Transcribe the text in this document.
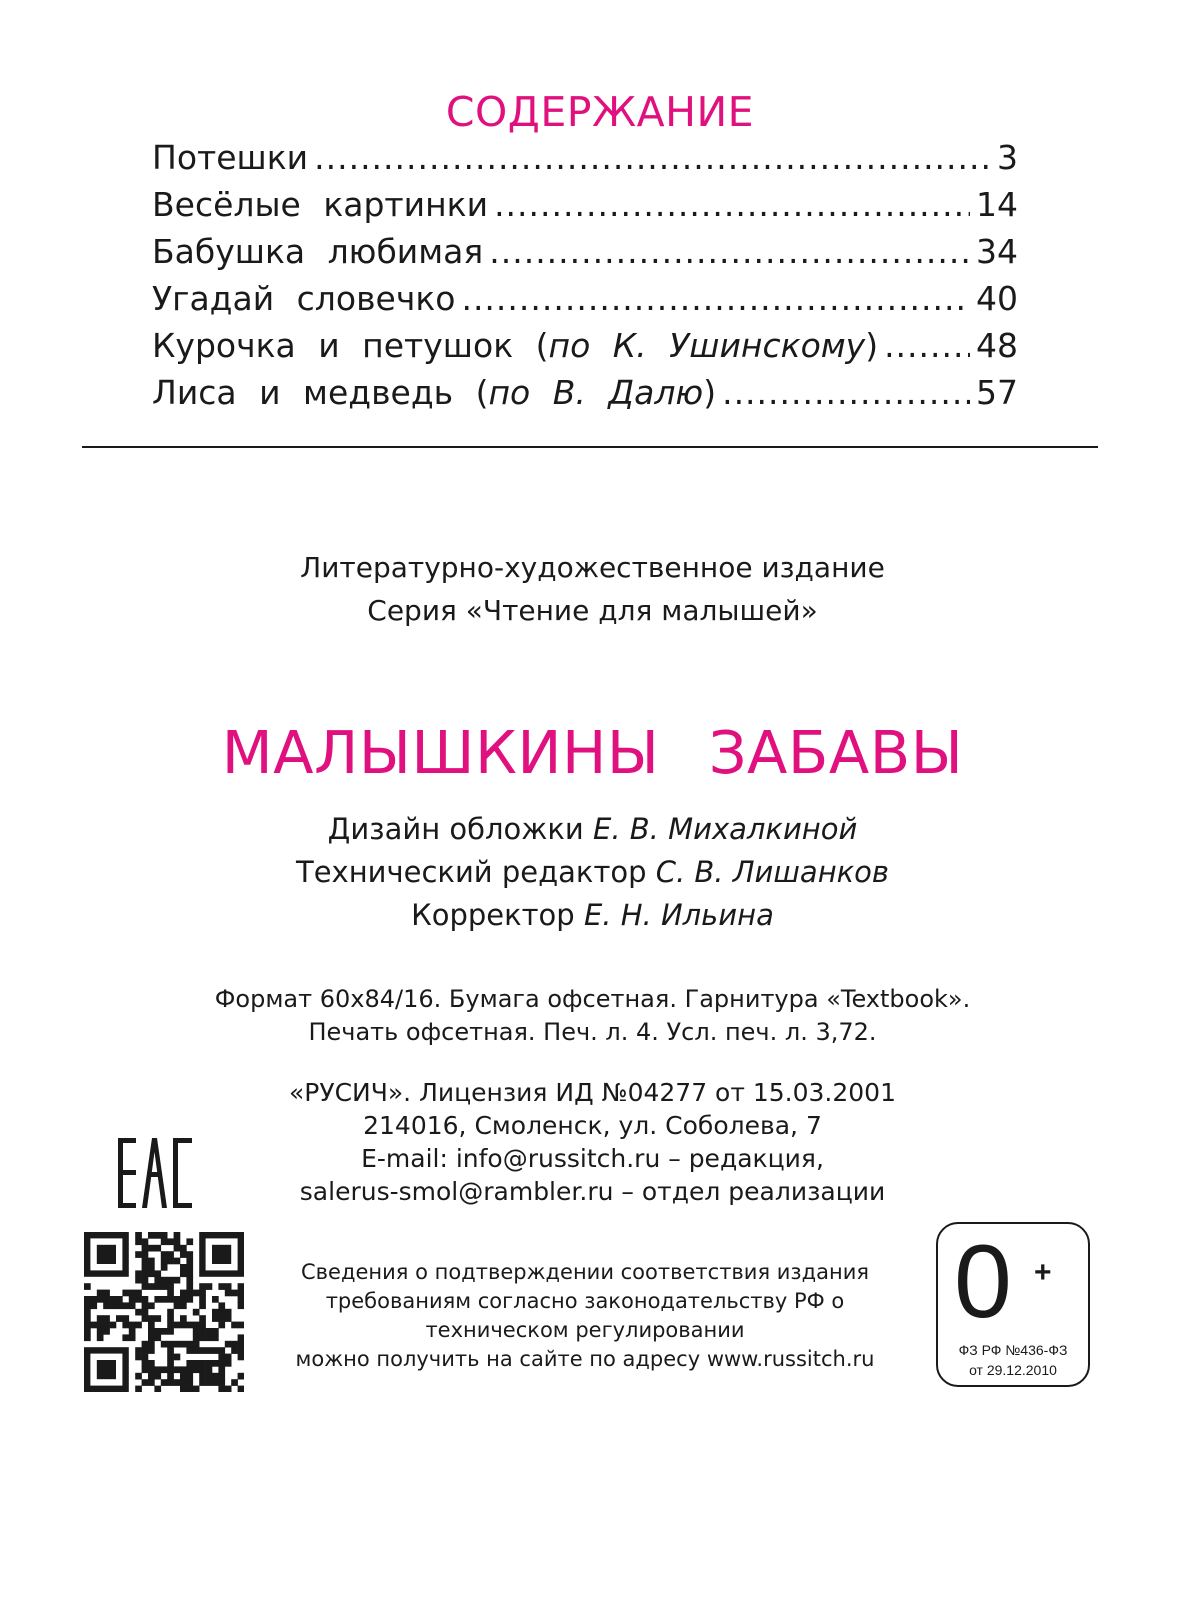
СОДЕРЖАНИЕ
Потешки .....	3
Весёлые картинки .....	14
Бабушка любимая .....	34
Угадай словечко .....	40
Курочка и петушок (по К. Ушинскому) .....	48
Лиса и медведь (по В. Далю) .....	57
Литературно-художественное издание
Серия «Чтение для малышей»
МАЛЫШКИНЫ ЗАБАВЫ
Дизайн обложки Е. В. Михалкиной
Технический редактор С. В. Лишанков
Корректор Е. Н. Ильина
Формат 60x84/16. Бумага офсетная. Гарнитура «Textbook».
Печать офсетная. Печ. л. 4. Усл. печ. л. 3,72.
«РУСИЧ». Лицензия ИД №04277 от 15.03.2001
214016, Смоленск, ул. Соболева, 7
E-mail: info@russitch.ru – редакция,
salerus-smol@rambler.ru – отдел реализации
Сведения о подтверждении соответствия издания
требованиям согласно законодательству РФ о
техническом регулировании
можно получить на сайте по адресу www.russitch.ru
0 +
ФЗ РФ №436-ФЗ
от 29.12.2010
